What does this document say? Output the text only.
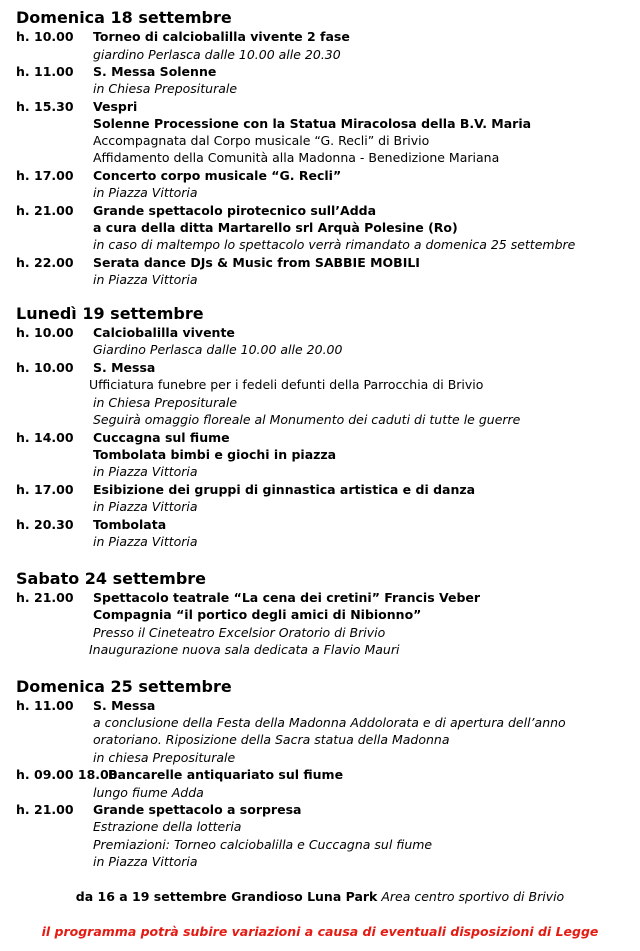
Domenica 18 settembre
h. 10.00 Torneo di calciobalilla vivente 2 fase
giardino Perlasca dalle 10.00 alle 20.30
h. 11.00 S. Messa Solenne
in Chiesa Prepositurale
h. 15.30 Vespri
Solenne Processione con la Statua Miracolosa della B.V. Maria
Accompagnata dal Corpo musicale “G. Recli” di Brivio
Affidamento della Comunità alla Madonna - Benedizione Mariana
h. 17.00 Concerto corpo musicale “G. Recli”
in Piazza Vittoria
h. 21.00 Grande spettacolo pirotecnico sull’Adda
a cura della ditta Martarello srl Arquà Polesine (Ro)
in caso di maltempo lo spettacolo verrà rimandato a domenica 25 settembre
h. 22.00 Serata dance DJs & Music from SABBIE MOBILI
in Piazza Vittoria
Lunedì 19 settembre
h. 10.00 Calciobalilla vivente
Giardino Perlasca dalle 10.00 alle 20.00
h. 10.00 S. Messa
Ufficiatura funebre per i fedeli defunti della Parrocchia di Brivio
in Chiesa Prepositurale
Seguirà omaggio floreale al Monumento dei caduti di tutte le guerre
h. 14.00 Cuccagna sul fiume
Tombolata bimbi e giochi in piazza
in Piazza Vittoria
h. 17.00 Esibizione dei gruppi di ginnastica artistica e di danza
in Piazza Vittoria
h. 20.30 Tombolata
in Piazza Vittoria
Sabato 24 settembre
h. 21.00 Spettacolo teatrale “La cena dei cretini” Francis Veber
Compagnia “il portico degli amici di Nibionno”
Presso il Cineteatro Excelsior Oratorio di Brivio
Inaugurazione nuova sala dedicata a Flavio Mauri
Domenica 25 settembre
h. 11.00 S. Messa
a conclusione della Festa della Madonna Addolorata e di apertura dell’anno
oratoriano. Riposizione della Sacra statua della Madonna
in chiesa Prepositurale
h. 09.00 18.00
Bancarelle antiquariato sul fiume
lungo fiume Adda
h. 21.00 Grande spettacolo a sorpresa
Estrazione della lotteria
Premiazioni: Torneo calciobalilla e Cuccagna sul fiume
in Piazza Vittoria
da 16 a 19 settembre Grandioso Luna Park Area centro sportivo di Brivio
il programma potrà subire variazioni a causa di eventuali disposizioni di Legge
